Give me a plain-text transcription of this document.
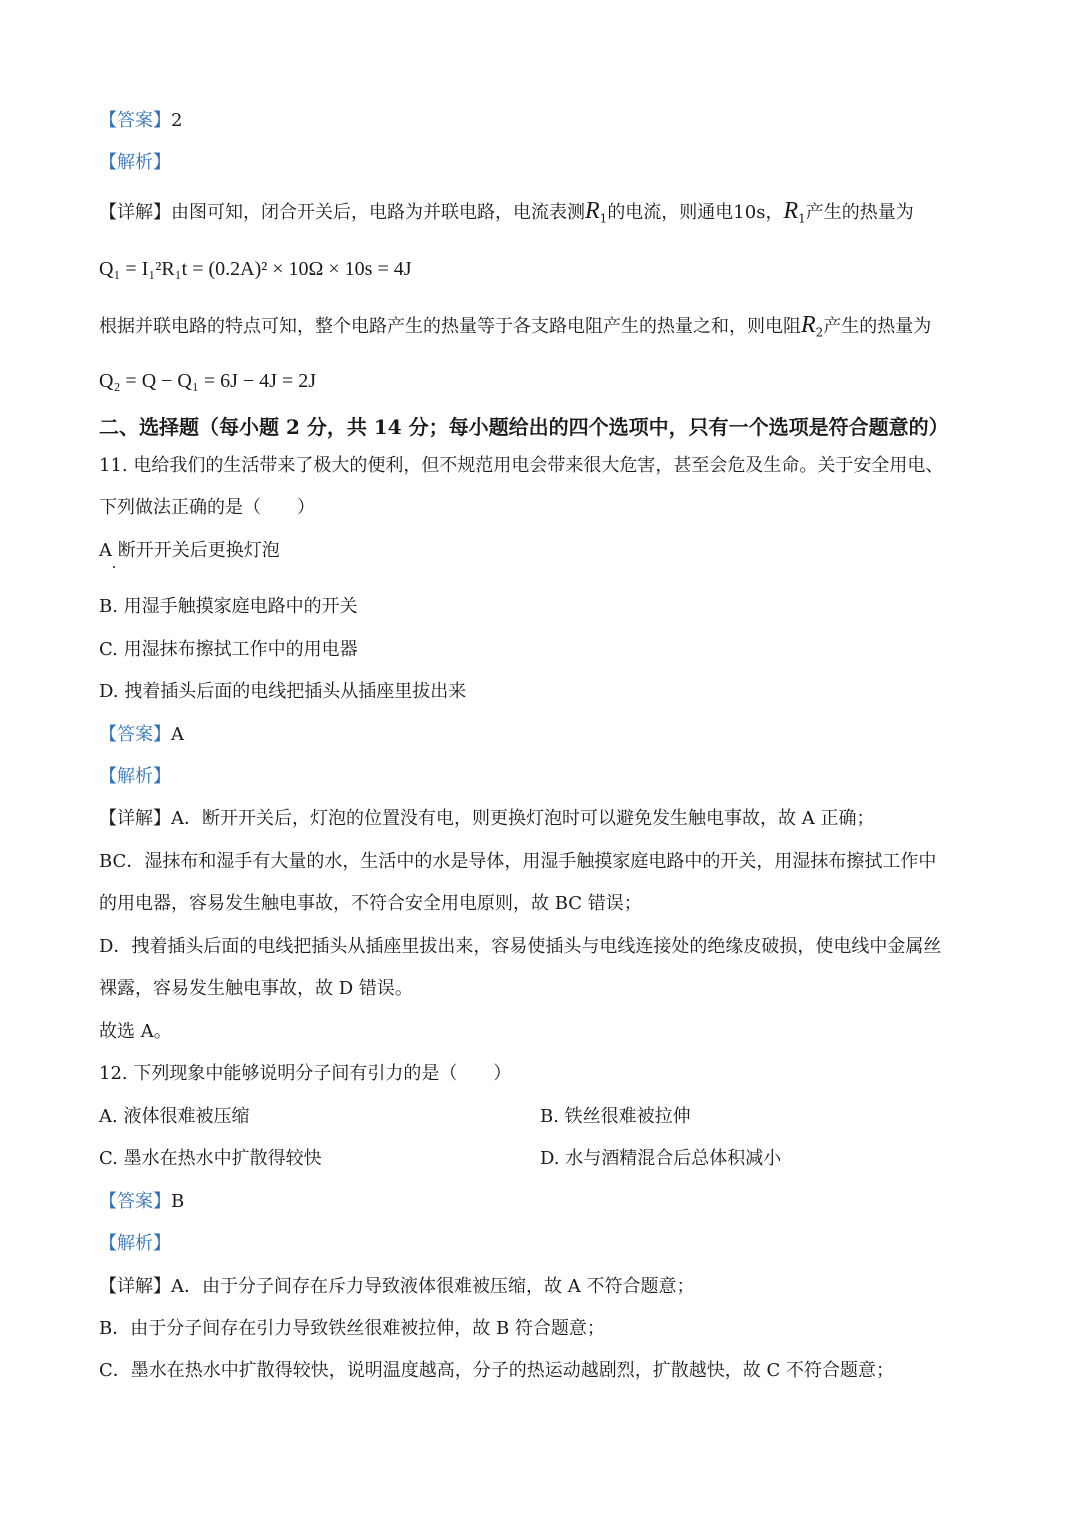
【答案】2
【解析】
【详解】由图可知，闭合开关后，电路为并联电路，电流表测$R_1$的电流，则通电10s，$R_1$产生的热量为
Q₁ = I₁²R₁t = (0.2A)² × 10Ω × 10s = 4J
根据并联电路的特点可知，整个电路产生的热量等于各支路电阻产生的热量之和，则电阻$R_2$产生的热量为
Q₂ = Q − Q₁ = 6J − 4J = 2J
二、选择题（每小题 2 分，共 14 分；每小题给出的四个选项中，只有一个选项是符合题意的）
11. 电给我们的生活带来了极大的便利，但不规范用电会带来很大危害，甚至会危及生命。关于安全用电、
下列做法正确的是（　　）
A 断开开关后更换灯泡
B. 用湿手触摸家庭电路中的开关
C. 用湿抹布擦拭工作中的用电器
D. 拽着插头后面的电线把插头从插座里拔出来
【答案】A
【解析】
【详解】A．断开开关后，灯泡的位置没有电，则更换灯泡时可以避免发生触电事故，故 A 正确；
BC．湿抹布和湿手有大量的水，生活中的水是导体，用湿手触摸家庭电路中的开关，用湿抹布擦拭工作中
的用电器，容易发生触电事故，不符合安全用电原则，故 BC 错误；
D．拽着插头后面的电线把插头从插座里拔出来，容易使插头与电线连接处的绝缘皮破损，使电线中金属丝
裸露，容易发生触电事故，故 D 错误。
故选 A。
12. 下列现象中能够说明分子间有引力的是（　　）
A. 液体很难被压缩	B. 铁丝很难被拉伸
C. 墨水在热水中扩散得较快	D. 水与酒精混合后总体积减小
【答案】B
【解析】
【详解】A．由于分子间存在斥力导致液体很难被压缩，故 A 不符合题意；
B．由于分子间存在引力导致铁丝很难被拉伸，故 B 符合题意；
C．墨水在热水中扩散得较快，说明温度越高，分子的热运动越剧烈，扩散越快，故 C 不符合题意；
